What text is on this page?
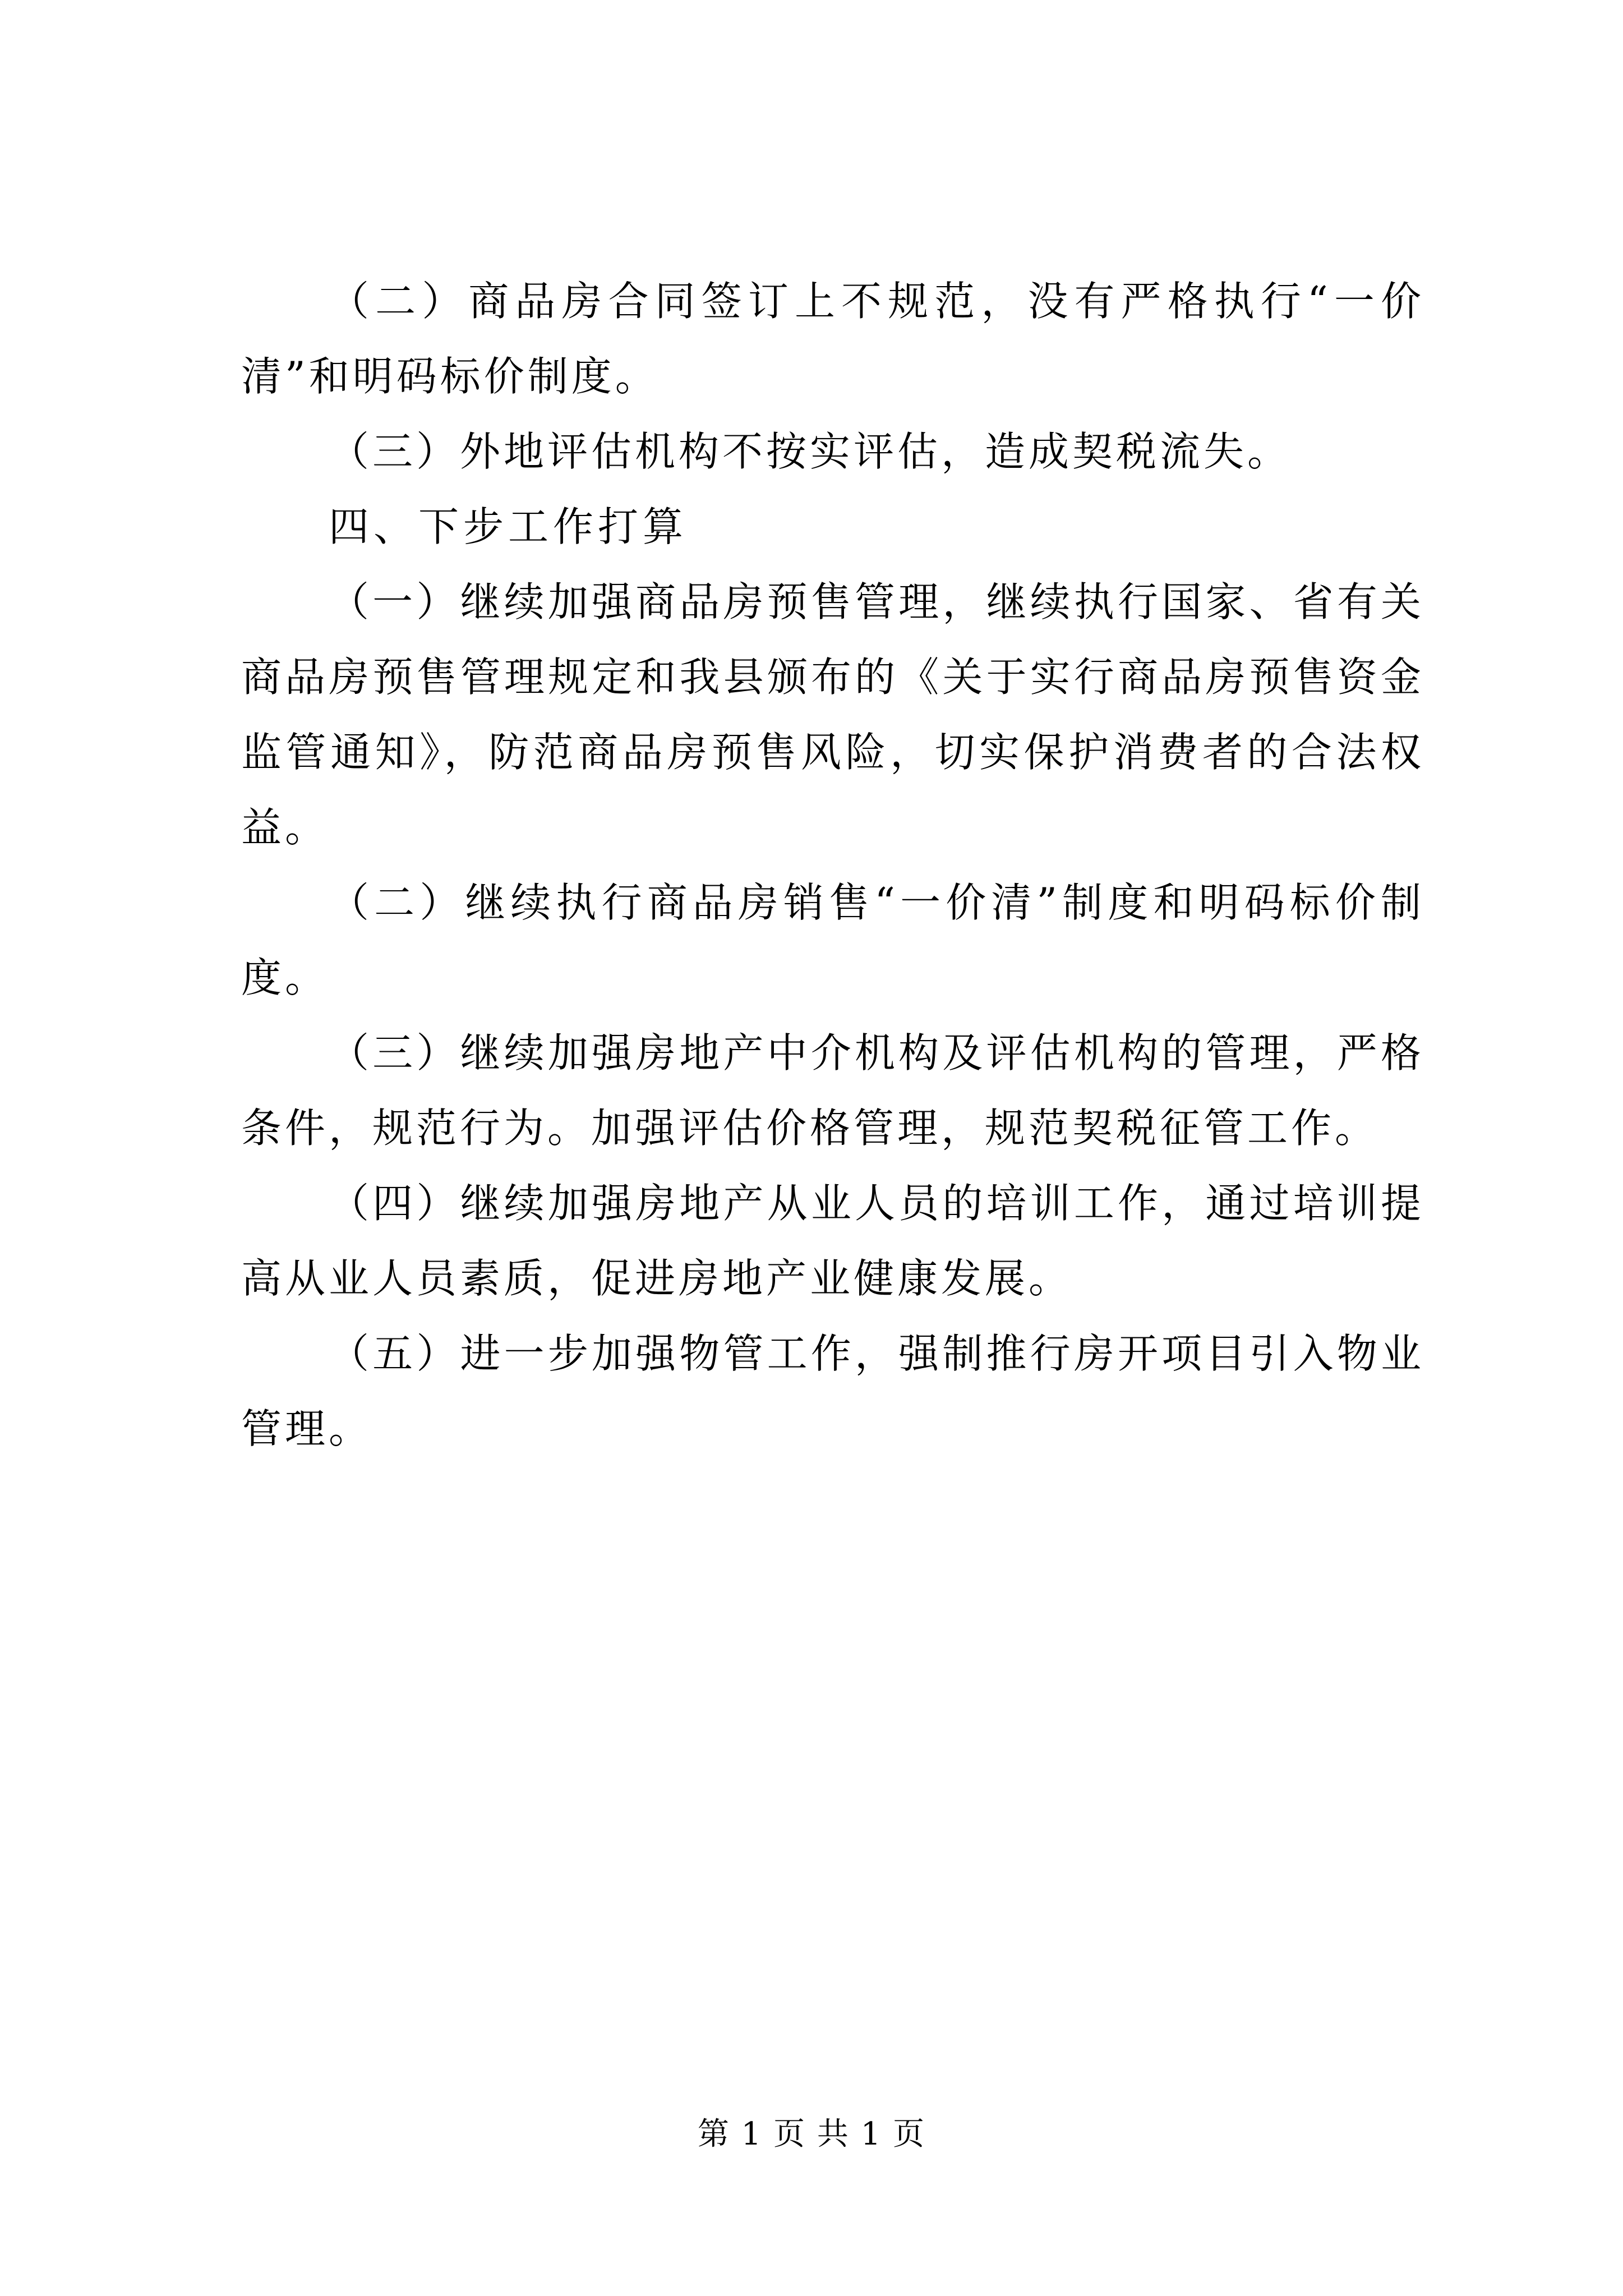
（二）商品房合同签订上不规范，没有严格执行“一价清”和明码标价制度。

（三）外地评估机构不按实评估，造成契税流失。

四、下步工作打算

（一）继续加强商品房预售管理，继续执行国家、省有关商品房预售管理规定和我县颁布的《关于实行商品房预售资金监管通知》，防范商品房预售风险，切实保护消费者的合法权益。

（二）继续执行商品房销售“一价清”制度和明码标价制度。

（三）继续加强房地产中介机构及评估机构的管理，严格条件，规范行为。加强评估价格管理，规范契税征管工作。

（四）继续加强房地产从业人员的培训工作，通过培训提高从业人员素质，促进房地产业健康发展。

（五）进一步加强物管工作，强制推行房开项目引入物业管理。

第 1 页 共 1 页
